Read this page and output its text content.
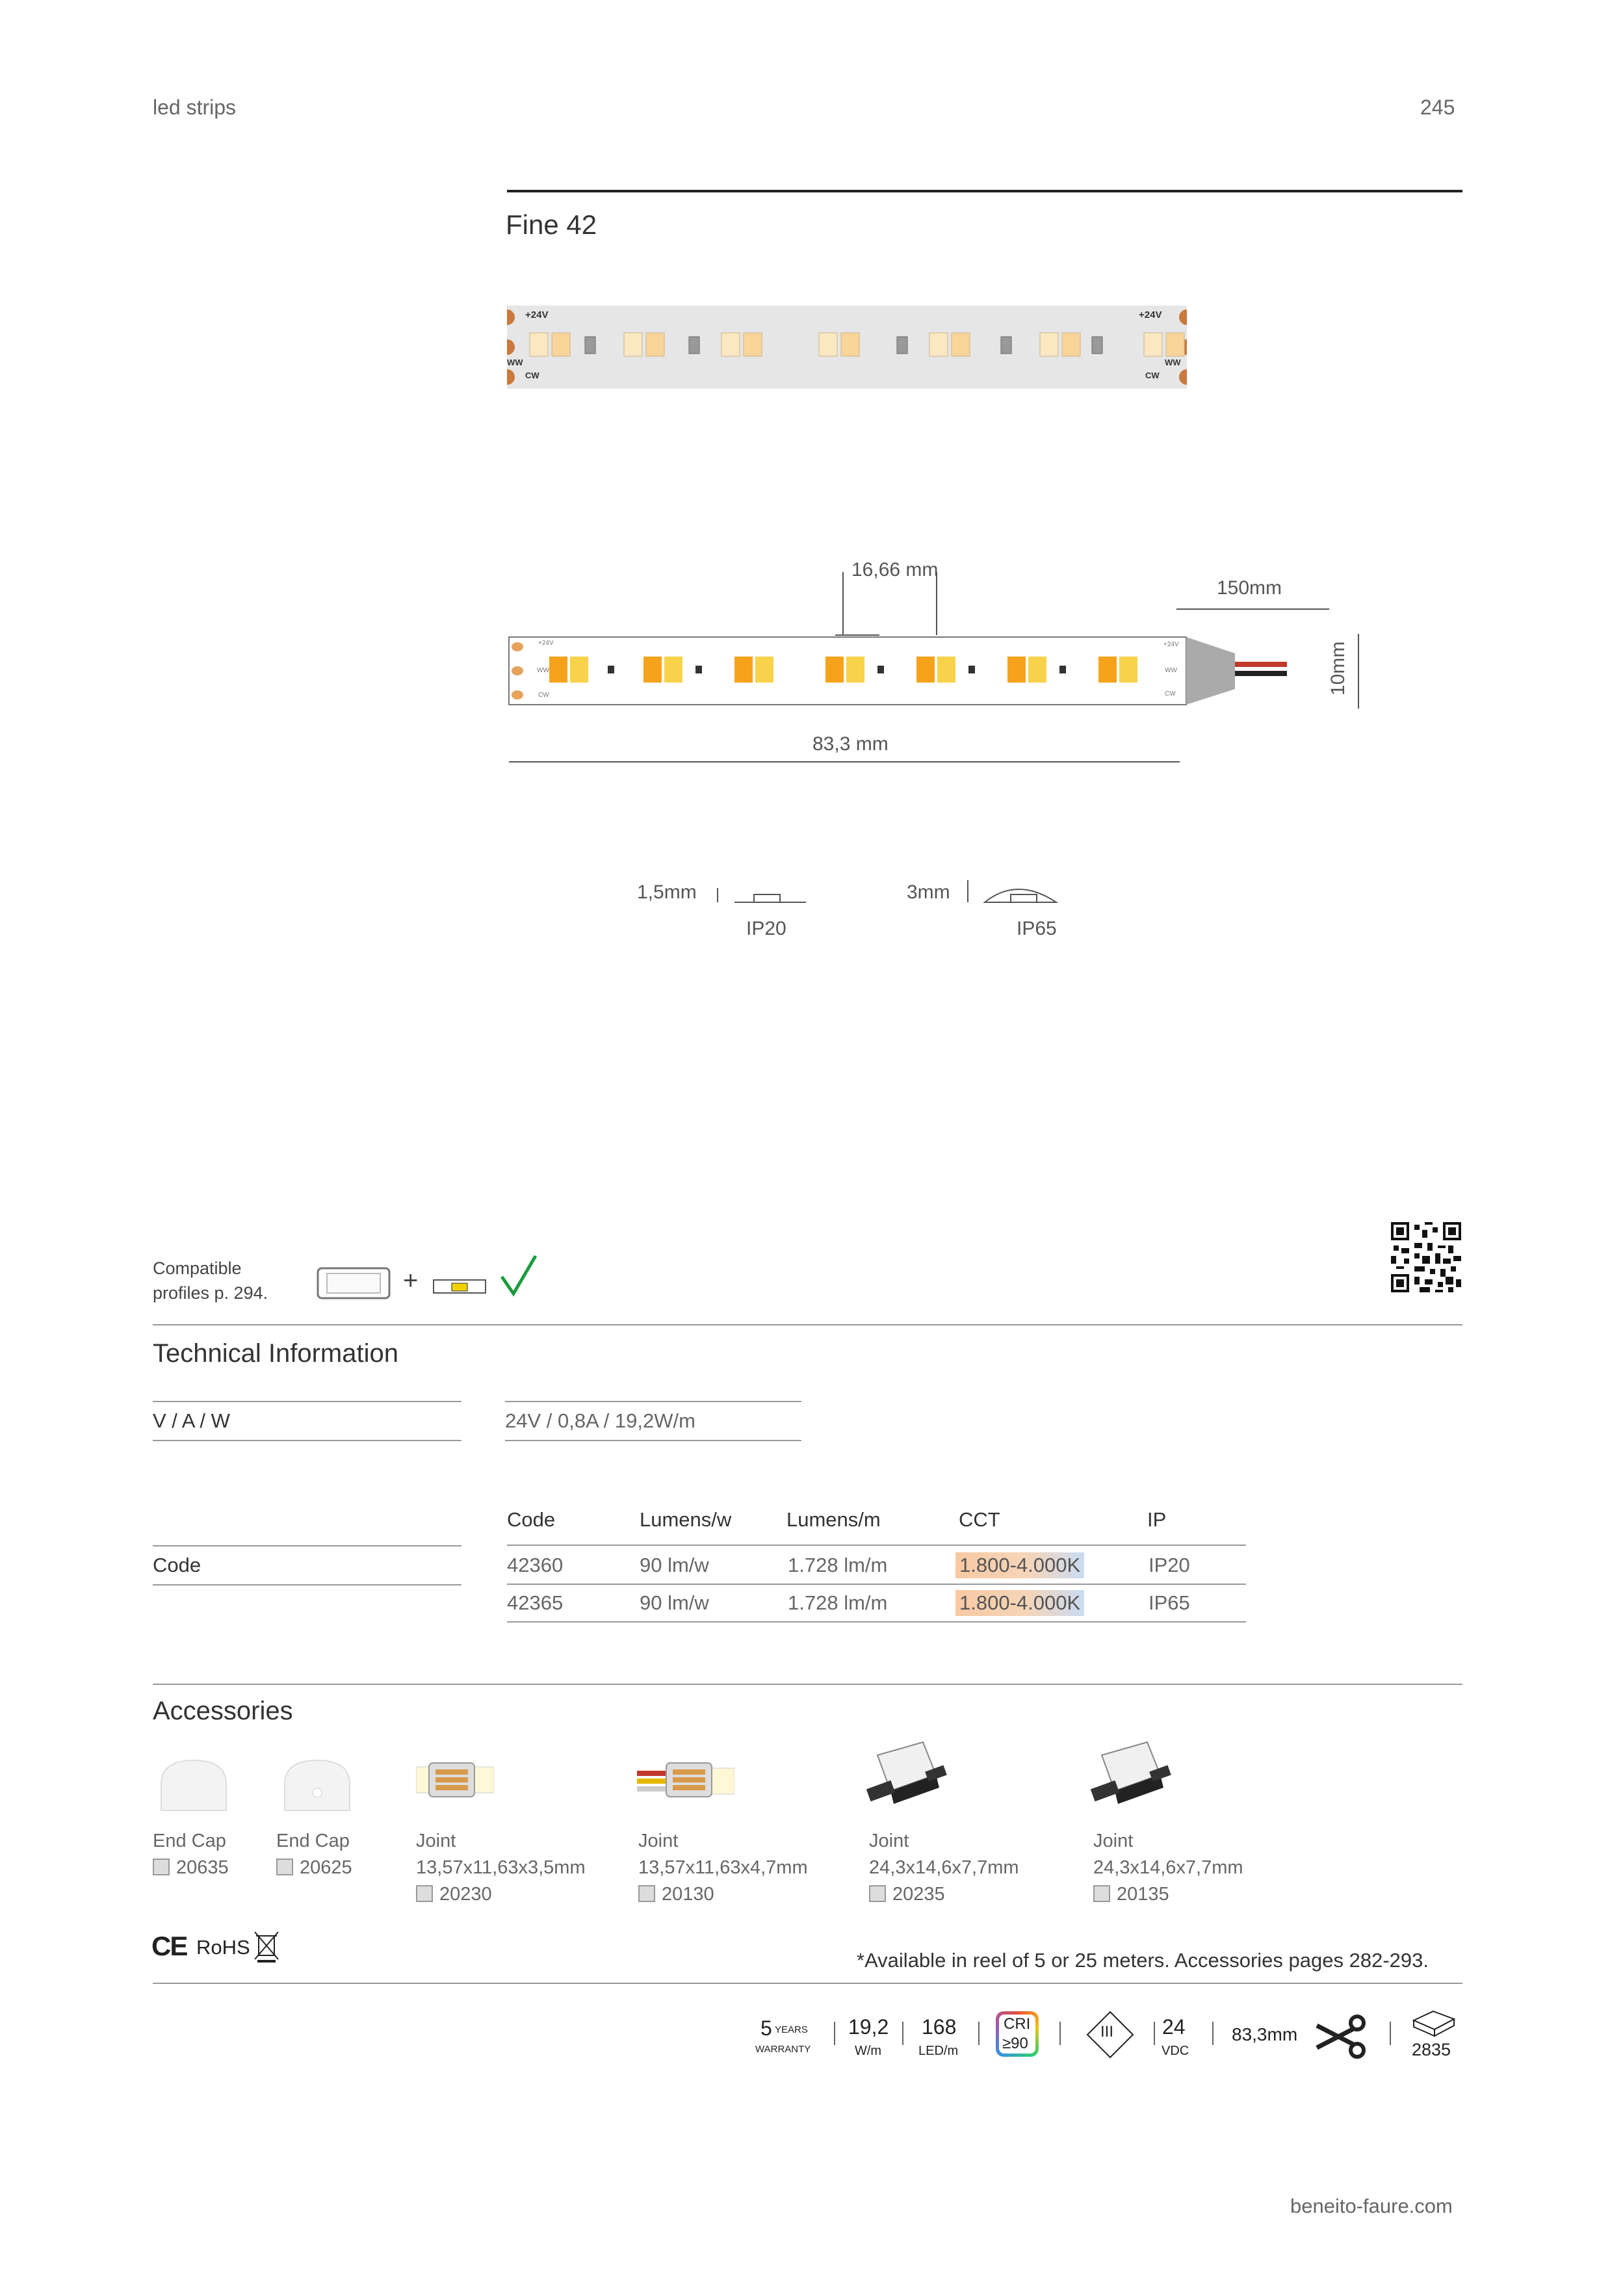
led strips	245
Fine 42
+24V
WW
CW
+24V
WW
CW
16,66 mm
150mm
10mm
83,3 mm
+24V
WW
CW
+24V
WW
CW
1,5mm
IP20
3mm
IP65
Compatible
profiles p. 294.	+
Technical Information
V / A / W	24V / 0,8A / 19,2W/m
Code
Code	Lumens/w	Lumens/m	CCT	IP
42360	90 lm/w	1.728 lm/m	1.800-4.000K	IP20
42365	90 lm/w	1.728 lm/m	1.800-4.000K	IP65
Accessories
End Cap
20635
End Cap
20625
Joint
13,57x11,63x3,5mm
20230
Joint
13,57x11,63x4,7mm
20130
Joint
24,3x14,6x7,7mm
20235
Joint
24,3x14,6x7,7mm
20135
CE RoHS
*Available in reel of 5 or 25 meters. Accessories pages 282-293.
5 YEARS
WARRANTY
19,2
W/m
168
LED/m
CRI
≥90
III 24
VDC
83,3mm
2835
beneito-faure.com
